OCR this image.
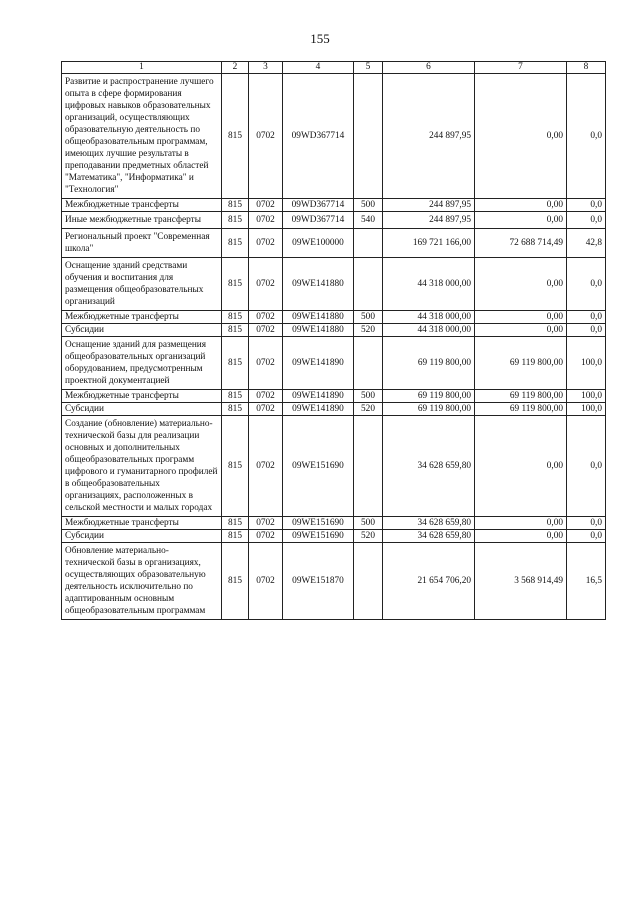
155
1	2	3	4	5	6	7	8
Развитие и распространение лучшего опыта в сфере формирования цифровых навыков образовательных организаций, осуществляющих образовательную деятельность по общеобразовательным программам, имеющих лучшие результаты в преподавании предметных областей "Математика", "Информатика" и "Технология"	815	0702	09WD367714		244 897,95	0,00	0,0
Межбюджетные трансферты	815	0702	09WD367714	500	244 897,95	0,00	0,0
Иные межбюджетные трансферты	815	0702	09WD367714	540	244 897,95	0,00	0,0
Региональный проект "Современная школа"	815	0702	09WE100000		169 721 166,00	72 688 714,49	42,8
Оснащение зданий средствами обучения и воспитания для размещения общеобразовательных организаций	815	0702	09WE141880		44 318 000,00	0,00	0,0
Межбюджетные трансферты	815	0702	09WE141880	500	44 318 000,00	0,00	0,0
Субсидии	815	0702	09WE141880	520	44 318 000,00	0,00	0,0
Оснащение зданий для размещения общеобразовательных организаций оборудованием, предусмотренным проектной документацией	815	0702	09WE141890		69 119 800,00	69 119 800,00	100,0
Межбюджетные трансферты	815	0702	09WE141890	500	69 119 800,00	69 119 800,00	100,0
Субсидии	815	0702	09WE141890	520	69 119 800,00	69 119 800,00	100,0
Создание (обновление) материально-технической базы для реализации основных и дополнительных общеобразовательных программ цифрового и гуманитарного профилей в общеобразовательных организациях, расположенных в сельской местности и малых городах	815	0702	09WE151690		34 628 659,80	0,00	0,0
Межбюджетные трансферты	815	0702	09WE151690	500	34 628 659,80	0,00	0,0
Субсидии	815	0702	09WE151690	520	34 628 659,80	0,00	0,0
Обновление материально-технической базы в организациях, осуществляющих образовательную деятельность исключительно по адаптированным основным общеобразовательным программам	815	0702	09WE151870		21 654 706,20	3 568 914,49	16,5
